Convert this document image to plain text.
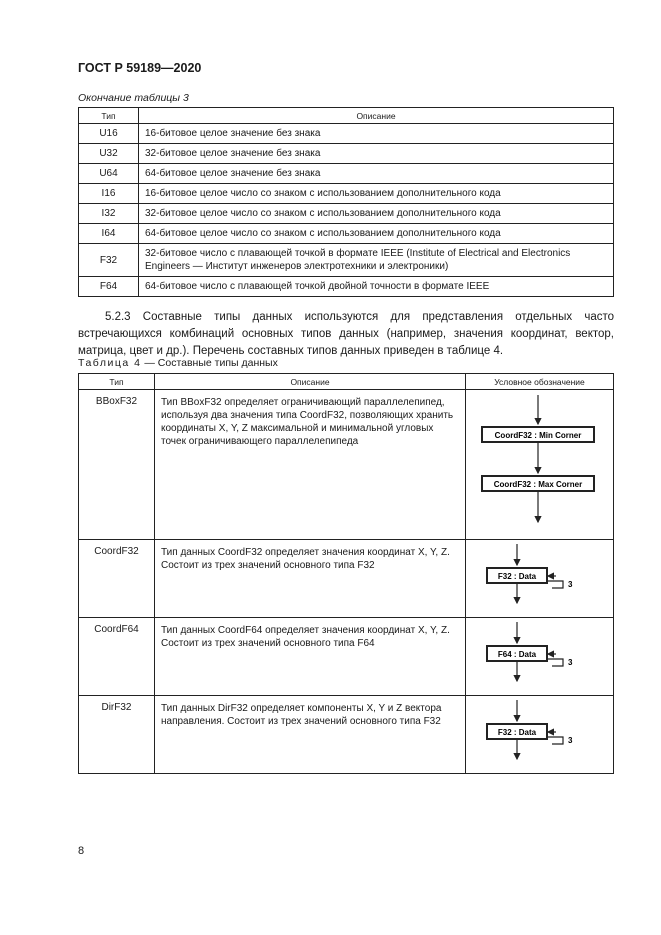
ГОСТ Р 59189—2020
Окончание таблицы 3
Тип	Описание
U16	16-битовое целое значение без знака
U32	32-битовое целое значение без знака
U64	64-битовое целое значение без знака
I16	16-битовое целое число со знаком с использованием дополнительного кода
I32	32-битовое целое число со знаком с использованием дополнительного кода
I64	64-битовое целое число со знаком с использованием дополнительного кода
F32	32-битовое число с плавающей точкой в формате IEEE (Institute of Electrical and Electronics Engineers — Институт инженеров электротехники и электроники)
F64	64-битовое число с плавающей точкой двойной точности в формате IEEE

5.2.3 Составные типы данных используются для представления отдельных часто встречающихся комбинаций основных типов данных (например, значения координат, вектор, матрица, цвет и др.). Перечень составных типов данных приведен в таблице 4.

Таблица 4 — Составные типы данных
Тип	Описание	Условное обозначение
BBoxF32	Тип BBoxF32 определяет ограничивающий параллелепипед, используя два значения типа CoordF32, позволяющих хранить координаты X, Y, Z максимальной и минимальной угловых точек ограничивающего параллелепипеда	CoordF32 : Min Corner
CoordF32 : Max Corner

CoordF32	Тип данных CoordF32 определяет значения координат X, Y, Z. Состоит из трех значений основного типа F32	F32 : Data
3

CoordF64	Тип данных CoordF64 определяет значения координат X, Y, Z. Состоит из трех значений основного типа F64	F64 : Data
3

DirF32	Тип данных DirF32 определяет компоненты X, Y и Z вектора направления. Состоит из трех значений основного типа F32	F32 : Data
3
8
